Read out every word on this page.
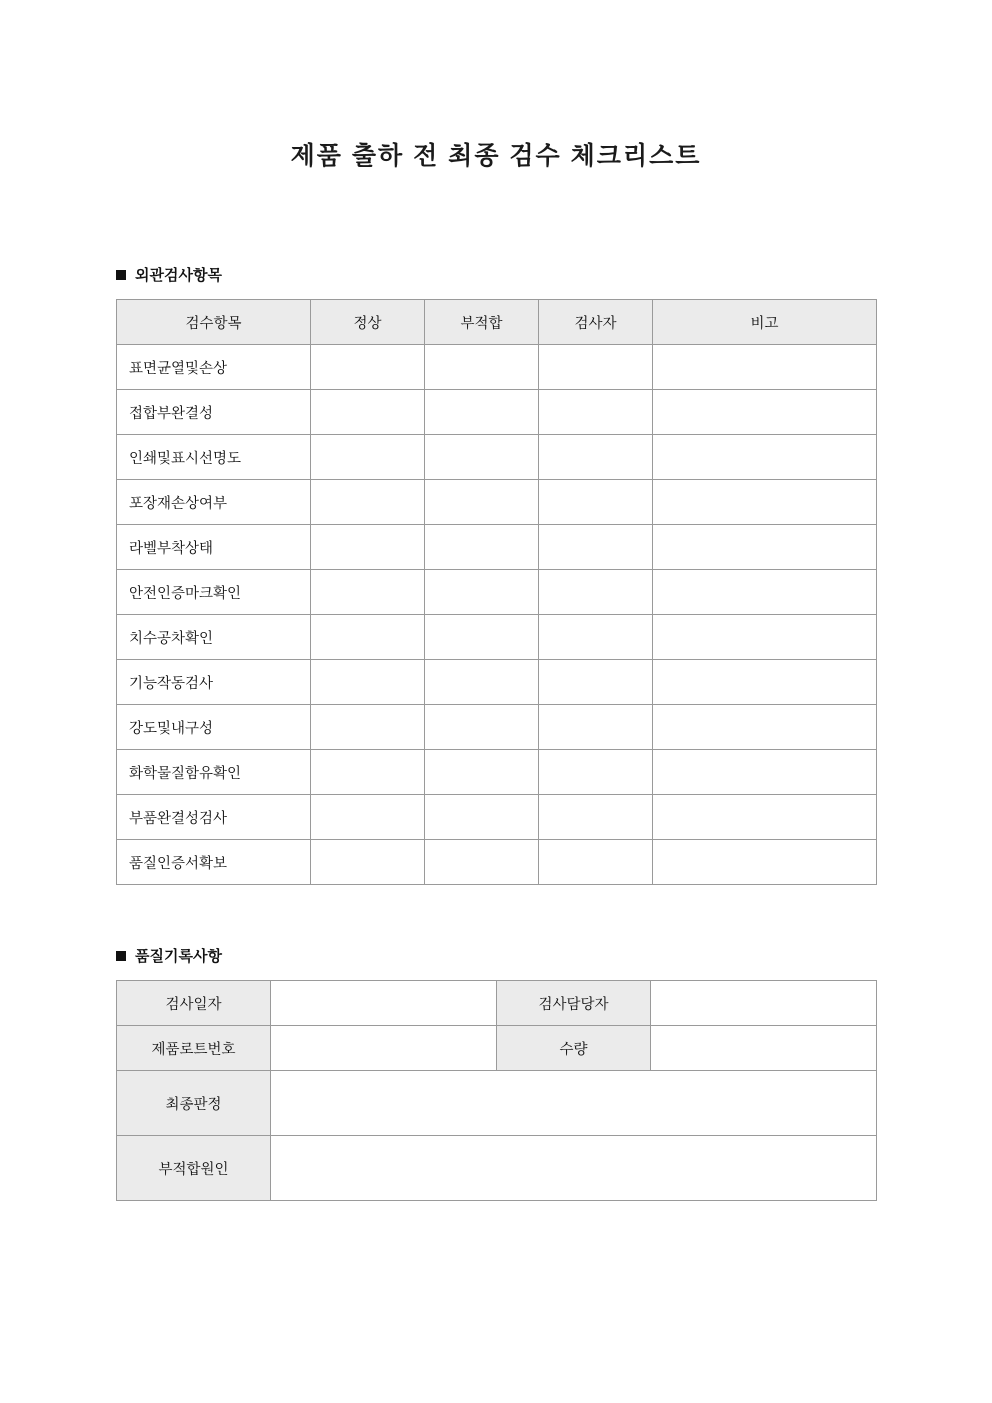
제품 출하 전 최종 검수 체크리스트
외관검사항목
검수항목	정상	부적합	검사자	비고
표면균열및손상				
접합부완결성				
인쇄및표시선명도				
포장재손상여부				
라벨부착상태				
안전인증마크확인				
치수공차확인				
기능작동검사				
강도및내구성				
화학물질함유확인				
부품완결성검사				
품질인증서확보				
품질기록사항
검사일자		검사담당자	
제품로트번호		수량	
최종판정			
부적합원인			
